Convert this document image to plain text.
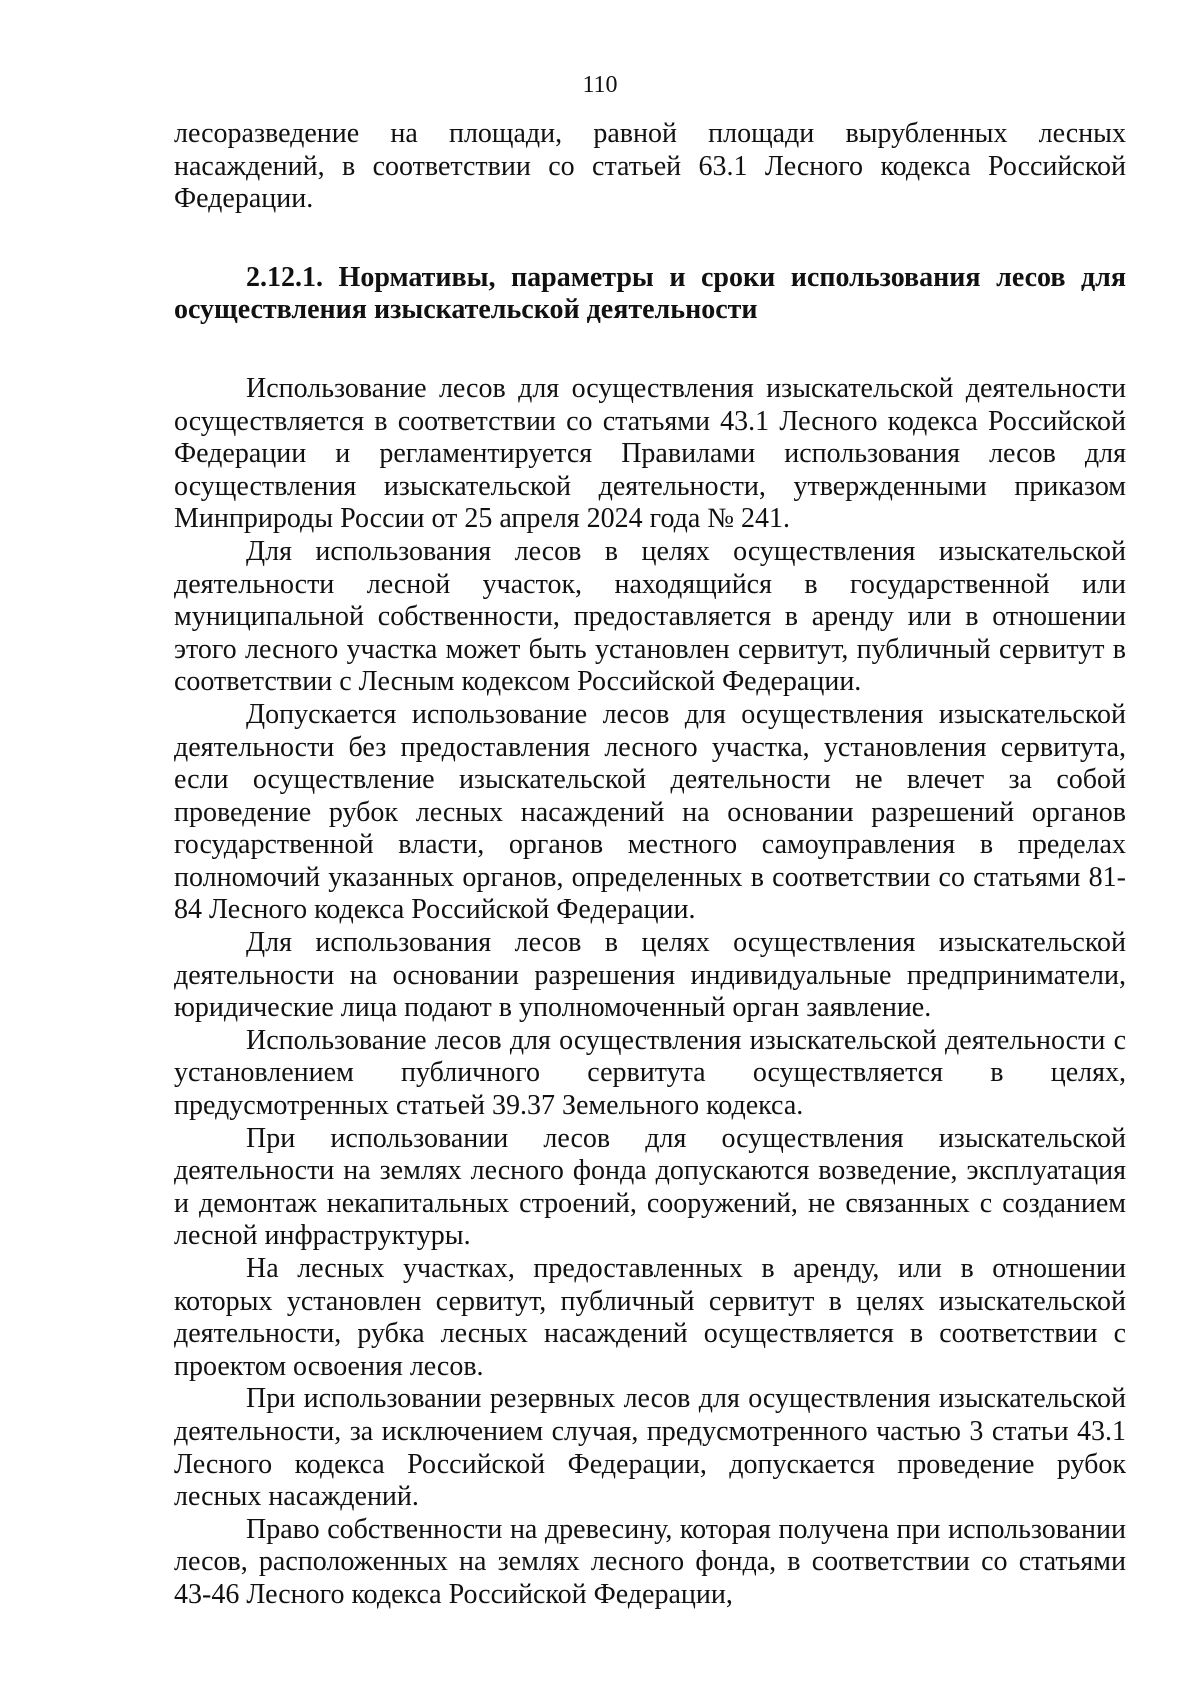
110

лесоразведение на площади, равной площади вырубленных лесных насаждений, в соответствии со статьей 63.1 Лесного кодекса Российской Федерации.

2.12.1. Нормативы, параметры и сроки использования лесов для осуществления изыскательской деятельности

Использование лесов для осуществления изыскательской деятельности осуществляется в соответствии со статьями 43.1 Лесного кодекса Российской Федерации и регламентируется Правилами использования лесов для осуществления изыскательской деятельности, утвержденными приказом Минприроды России от 25 апреля 2024 года № 241.

Для использования лесов в целях осуществления изыскательской деятельности лесной участок, находящийся в государственной или муниципальной собственности, предоставляется в аренду или в отношении этого лесного участка может быть установлен сервитут, публичный сервитут в соответствии с Лесным кодексом Российской Федерации.

Допускается использование лесов для осуществления изыскательской деятельности без предоставления лесного участка, установления сервитута, если осуществление изыскательской деятельности не влечет за собой проведение рубок лесных насаждений на основании разрешений органов государственной власти, органов местного самоуправления в пределах полномочий указанных органов, определенных в соответствии со статьями 81-84 Лесного кодекса Российской Федерации.

Для использования лесов в целях осуществления изыскательской деятельности на основании разрешения индивидуальные предприниматели, юридические лица подают в уполномоченный орган заявление.

Использование лесов для осуществления изыскательской деятельности с установлением публичного сервитута осуществляется в целях, предусмотренных статьей 39.37 Земельного кодекса.

При использовании лесов для осуществления изыскательской деятельности на землях лесного фонда допускаются возведение, эксплуатация и демонтаж некапитальных строений, сооружений, не связанных с созданием лесной инфраструктуры.

На лесных участках, предоставленных в аренду, или в отношении которых установлен сервитут, публичный сервитут в целях изыскательской деятельности, рубка лесных насаждений осуществляется в соответствии с проектом освоения лесов.

При использовании резервных лесов для осуществления изыскательской деятельности, за исключением случая, предусмотренного частью 3 статьи 43.1 Лесного кодекса Российской Федерации, допускается проведение рубок лесных насаждений.

Право собственности на древесину, которая получена при использовании лесов, расположенных на землях лесного фонда, в соответствии со статьями 43-46 Лесного кодекса Российской Федерации,
